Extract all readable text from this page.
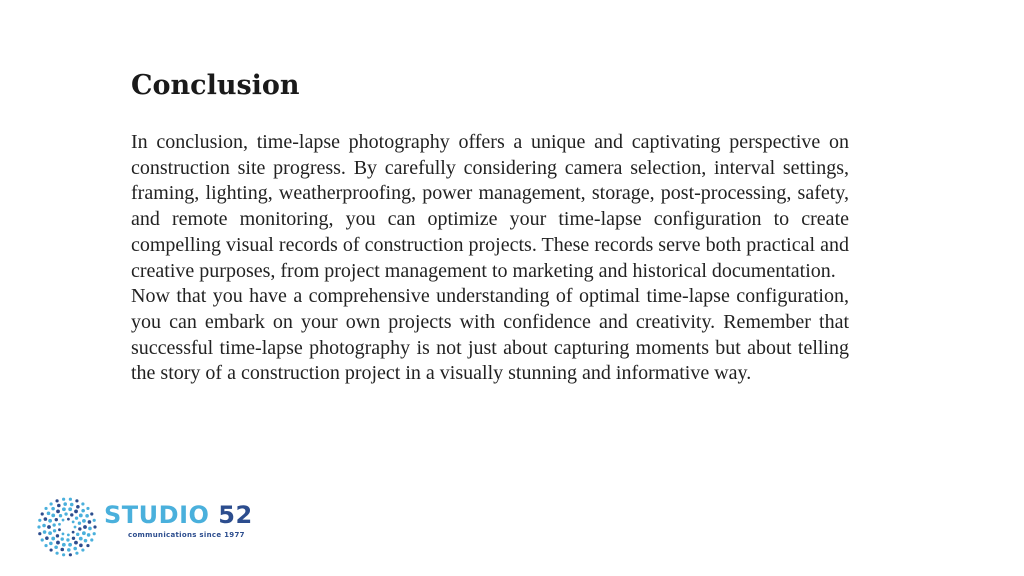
Conclusion

In conclusion, time-lapse photography offers a unique and captivating perspective on construction site progress. By carefully considering camera selection, interval settings, framing, lighting, weatherproofing, power management, storage, post-processing, safety, and remote monitoring, you can optimize your time-lapse configuration to create compelling visual records of construction projects. These records serve both practical and creative purposes, from project management to marketing and historical documentation.

Now that you have a comprehensive understanding of optimal time-lapse configuration, you can embark on your own projects with confidence and creativity. Remember that successful time-lapse photography is not just about capturing moments but about telling the story of a construction project in a visually stunning and informative way.

STUDIO 52
communications since 1977
